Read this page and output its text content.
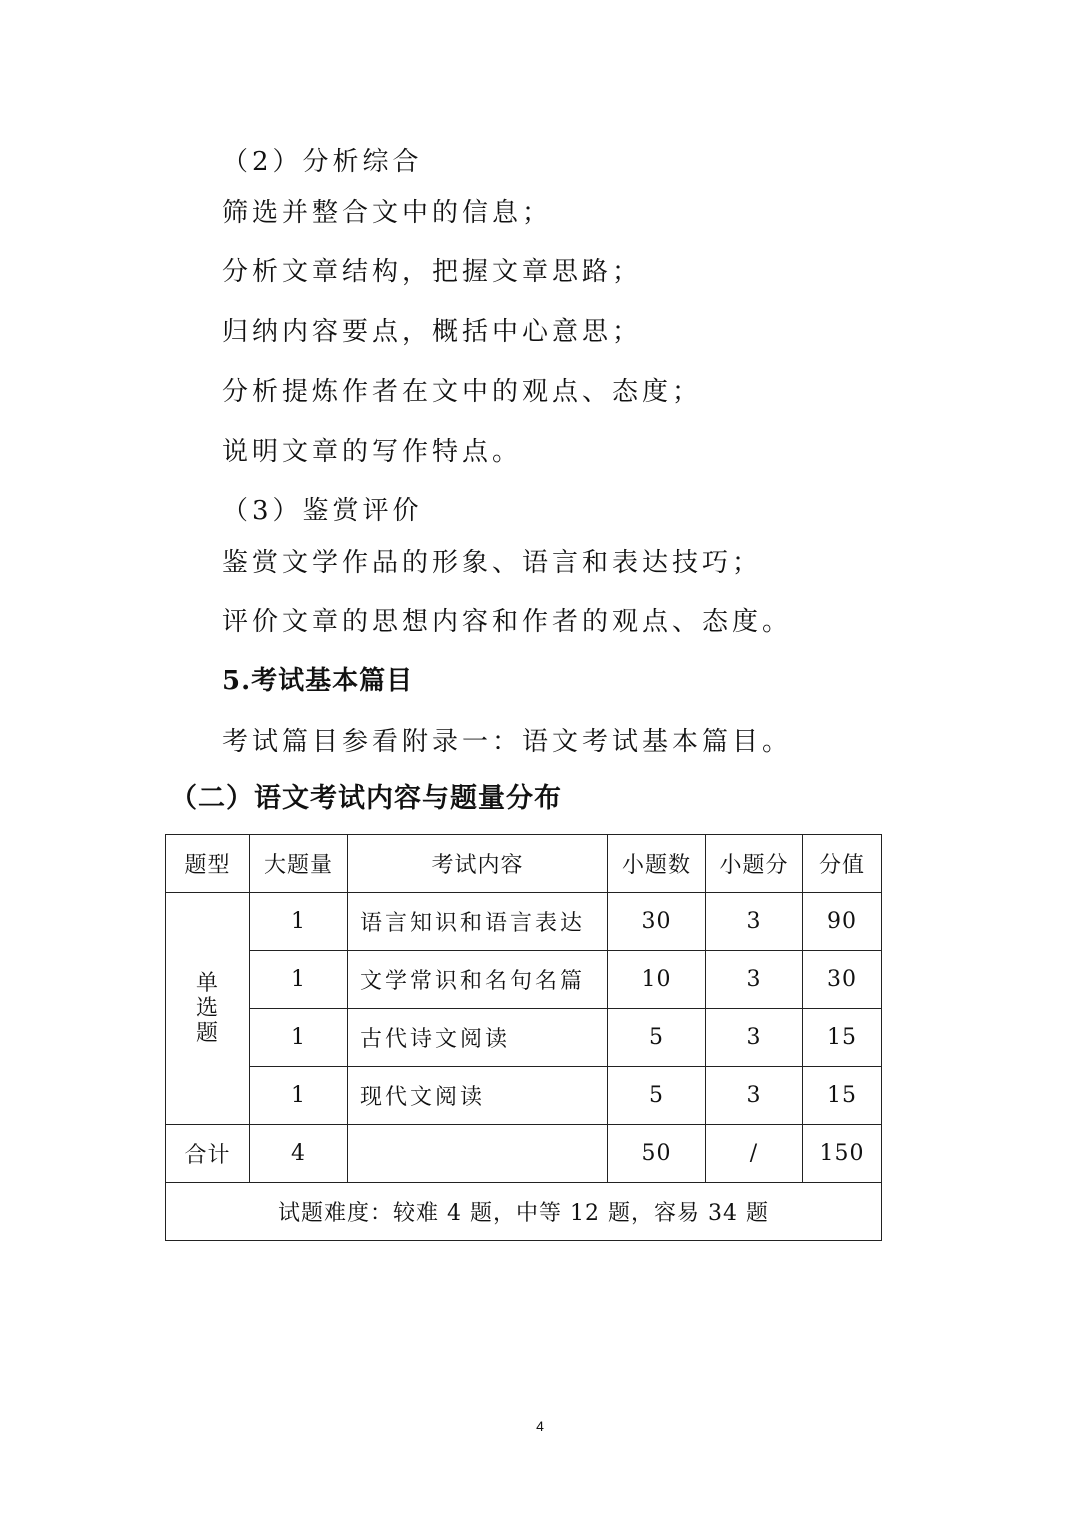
（2）分析综合
筛选并整合文中的信息；
分析文章结构，把握文章思路；
归纳内容要点，概括中心意思；
分析提炼作者在文中的观点、态度；
说明文章的写作特点。
（3）鉴赏评价
鉴赏文学作品的形象、语言和表达技巧；
评价文章的思想内容和作者的观点、态度。
5.考试基本篇目
考试篇目参看附录一：语文考试基本篇目。
（二）语文考试内容与题量分布
题型	大题量	考试内容	小题数	小题分	分值
单选题	1	语言知识和语言表达	30	3	90
	1	文学常识和名句名篇	10	3	30
	1	古代诗文阅读	5	3	15
	1	现代文阅读	5	3	15
合计	4		50	/	150
试题难度：较难 4 题，中等 12 题，容易 34 题					
4
